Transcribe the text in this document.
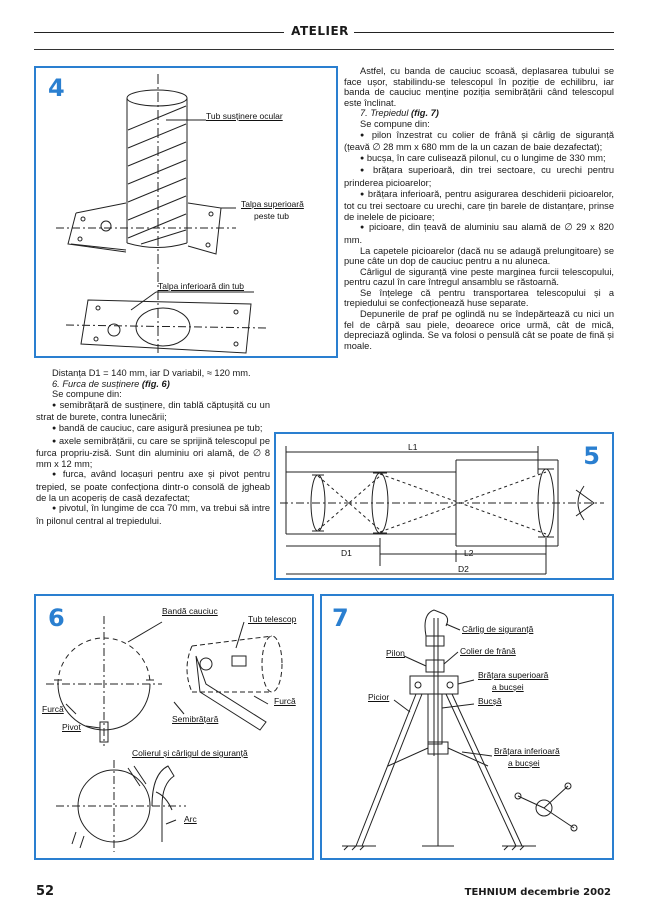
ATELIER
4
Tub susținere ocular
Talpa superioară
peste tub
Talpa inferioară din tub

Distanța D1 = 140 mm, iar D variabil, ≈ 120 mm.

6. Furca de susținere (fig. 6)

Se compune din:

● semibrățară de susținere, din tablă căptușită cu un strat de burete, contra lunecării;

● bandă de cauciuc, care asigură presiunea pe tub;

● axele semibrățării, cu care se sprijină telescopul pe furca propriu-zisă. Sunt din aluminiu ori alamă, de ∅ 8 mm x 12 mm;

● furca, având locașuri pentru axe și pivot pentru trepied, se poate confecționa dintr-o consolă de jgheab de la un acoperiș de casă dezafectat;

● pivotul, în lungime de cca 70 mm, va trebui să intre în pilonul central al trepiedului.

Astfel, cu banda de cauciuc scoasă, deplasarea tubului se face ușor, stabilindu-se telescopul în poziție de echilibru, iar banda de cauciuc menține poziția semibrățării când telescopul este înclinat.

7. Trepiedul (fig. 7)

Se compune din:

● pilon înzestrat cu colier de frână și cârlig de siguranță (țeavă ∅ 28 mm x 680 mm de la un cazan de baie dezafectat);

● bucșa, în care culisează pilonul, cu o lungime de 330 mm;

● brățara superioară, din trei sectoare, cu urechi pentru prinderea picioarelor;

● brățara inferioară, pentru asigurarea deschiderii picioarelor, tot cu trei sectoare cu urechi, care țin barele de distanțare, prinse de inelele de picioare;

● picioare, din țeavă de aluminiu sau alamă de ∅ 29 x 820 mm.

La capetele picioarelor (dacă nu se adaugă prelungitoare) se pune câte un dop de cauciuc pentru a nu aluneca.

Cârligul de siguranță vine peste marginea furcii telescopului, pentru cazul în care întregul ansamblu se răstoarnă.

Se înțelege că pentru transportarea telescopului și a trepiedului se confecționează huse separate.

Depunerile de praf pe oglindă nu se îndepărtează cu nici un fel de cârpă sau piele, deoarece orice urmă, cât de mică, depreciază oglinda. Se va folosi o pensulă cât se poate de fină și moale.

5
L1
D1	L2
D2
6	Bandă cauciuc
Tub telescop
Furcă
Furcă
Pivot
Semibrățară
Colierul și cârligul de siguranță
Arc
7	Cârlig de siguranță
Pilon	Colier de frână
Brățara superioară
a bucșei
Bucșă
Picior
Brățara inferioară
a bucșei
52	TEHNIUM decembrie 2002
